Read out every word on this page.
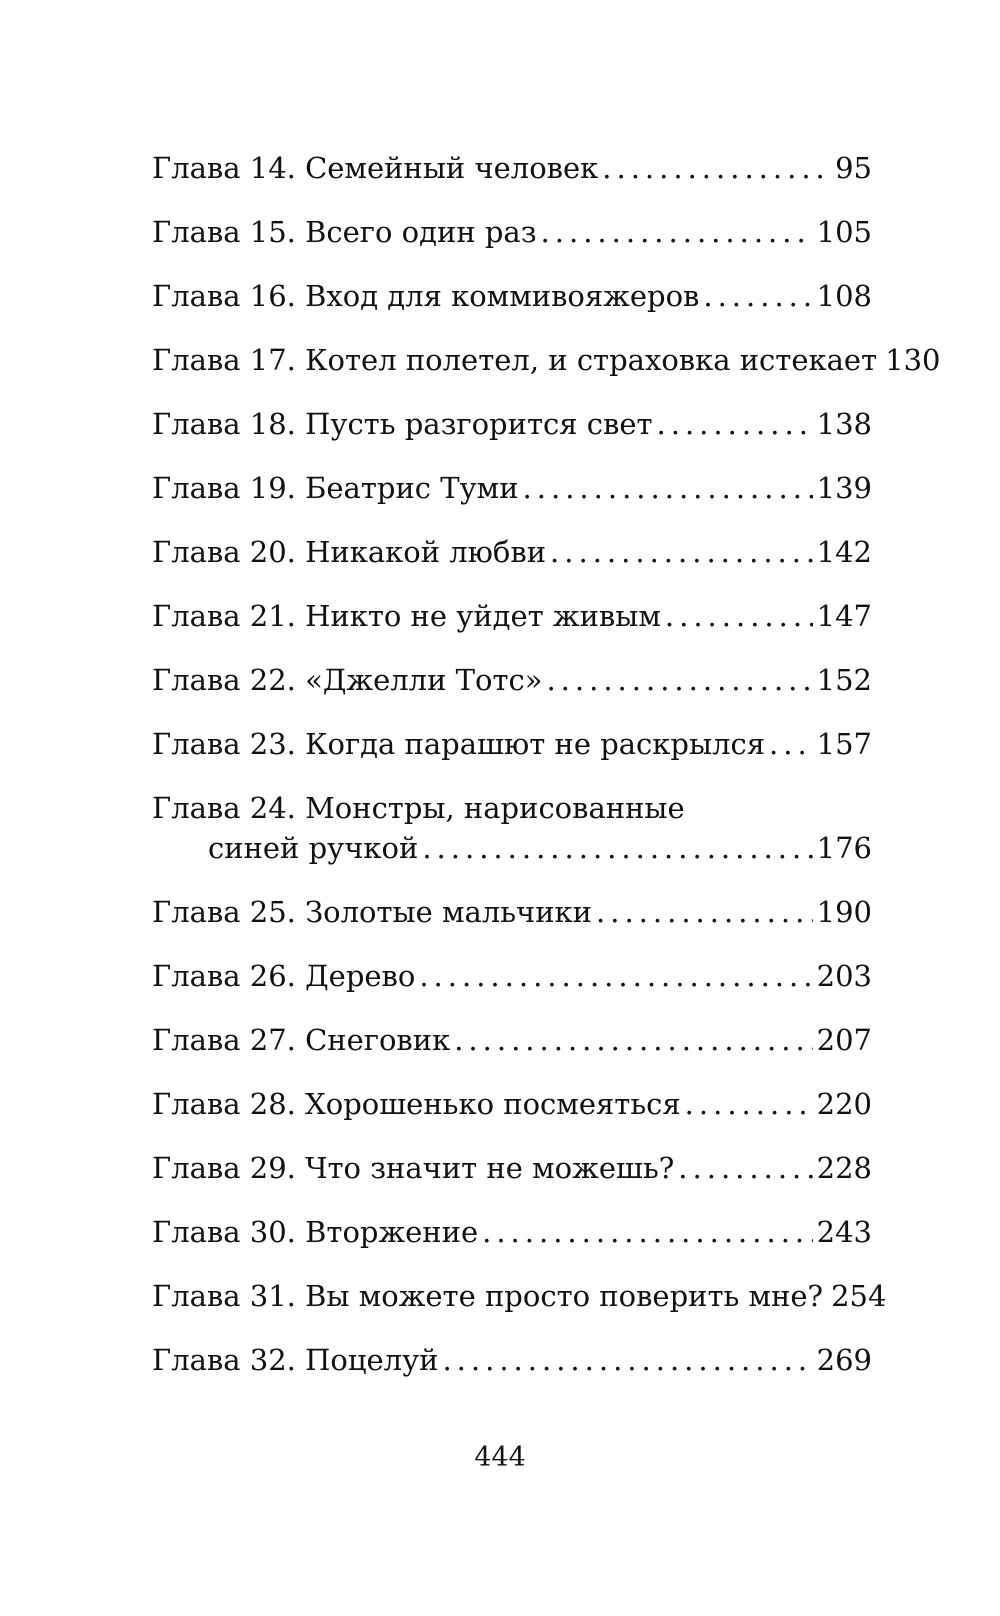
Глава 14. Семейный человек .....	95
Глава 15. Всего один раз .....	105
Глава 16. Вход для коммивояжеров .....	108
Глава 17. Котел полетел, и страховка истекает 130
Глава 18. Пусть разгорится свет .....	138
Глава 19. Беатрис Туми .....	139
Глава 20. Никакой любви .....	142
Глава 21. Никто не уйдет живым .....	147
Глава 22. «Джелли Тотс» .....	152
Глава 23. Когда парашют не раскрылся ..... 157
Глава 24. Монстры, нарисованные
синей ручкой .....	176
Глава 25. Золотые мальчики .....	190
Глава 26. Дерево .....	203
Глава 27. Снеговик .....	207
Глава 28. Хорошенько посмеяться .....	220
Глава 29. Что значит не можешь? .....	228
Глава 30. Вторжение .....	243
Глава 31. Вы можете просто поверить мне? 254
Глава 32. Поцелуй .....	269
444
